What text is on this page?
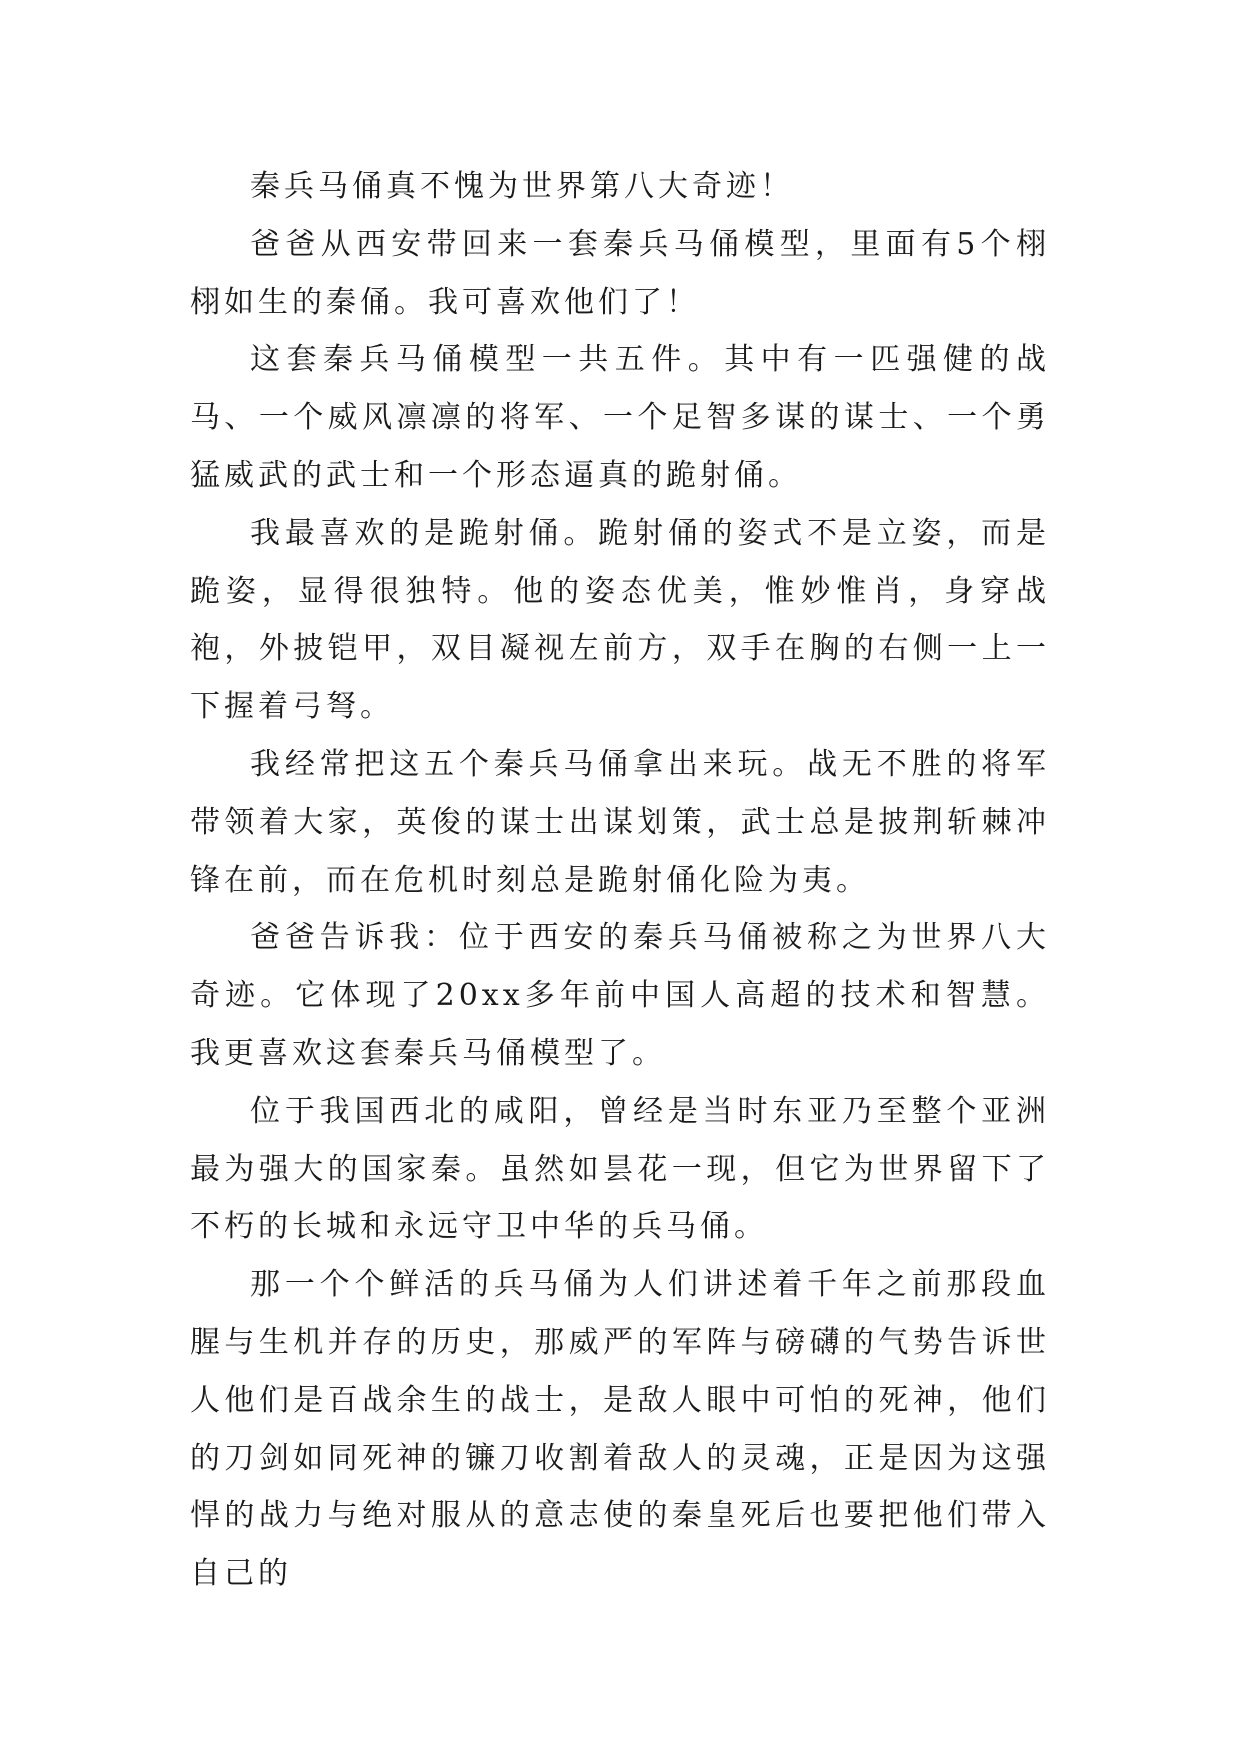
秦兵马俑真不愧为世界第八大奇迹！

爸爸从西安带回来一套秦兵马俑模型，里面有5个栩栩如生的秦俑。我可喜欢他们了！

这套秦兵马俑模型一共五件。其中有一匹强健的战马、一个威风凛凛的将军、一个足智多谋的谋士、一个勇猛威武的武士和一个形态逼真的跪射俑。

我最喜欢的是跪射俑。跪射俑的姿式不是立姿，而是跪姿，显得很独特。他的姿态优美，惟妙惟肖，身穿战袍，外披铠甲，双目凝视左前方，双手在胸的右侧一上一下握着弓弩。

我经常把这五个秦兵马俑拿出来玩。战无不胜的将军带领着大家，英俊的谋士出谋划策，武士总是披荆斩棘冲锋在前，而在危机时刻总是跪射俑化险为夷。

爸爸告诉我：位于西安的秦兵马俑被称之为世界八大奇迹。它体现了20xx多年前中国人高超的技术和智慧。我更喜欢这套秦兵马俑模型了。

位于我国西北的咸阳，曾经是当时东亚乃至整个亚洲最为强大的国家秦。虽然如昙花一现，但它为世界留下了不朽的长城和永远守卫中华的兵马俑。

那一个个鲜活的兵马俑为人们讲述着千年之前那段血腥与生机并存的历史，那威严的军阵与磅礴的气势告诉世人他们是百战余生的战士，是敌人眼中可怕的死神，他们的刀剑如同死神的镰刀收割着敌人的灵魂，正是因为这强悍的战力与绝对服从的意志使的秦皇死后也要把他们带入自己的
